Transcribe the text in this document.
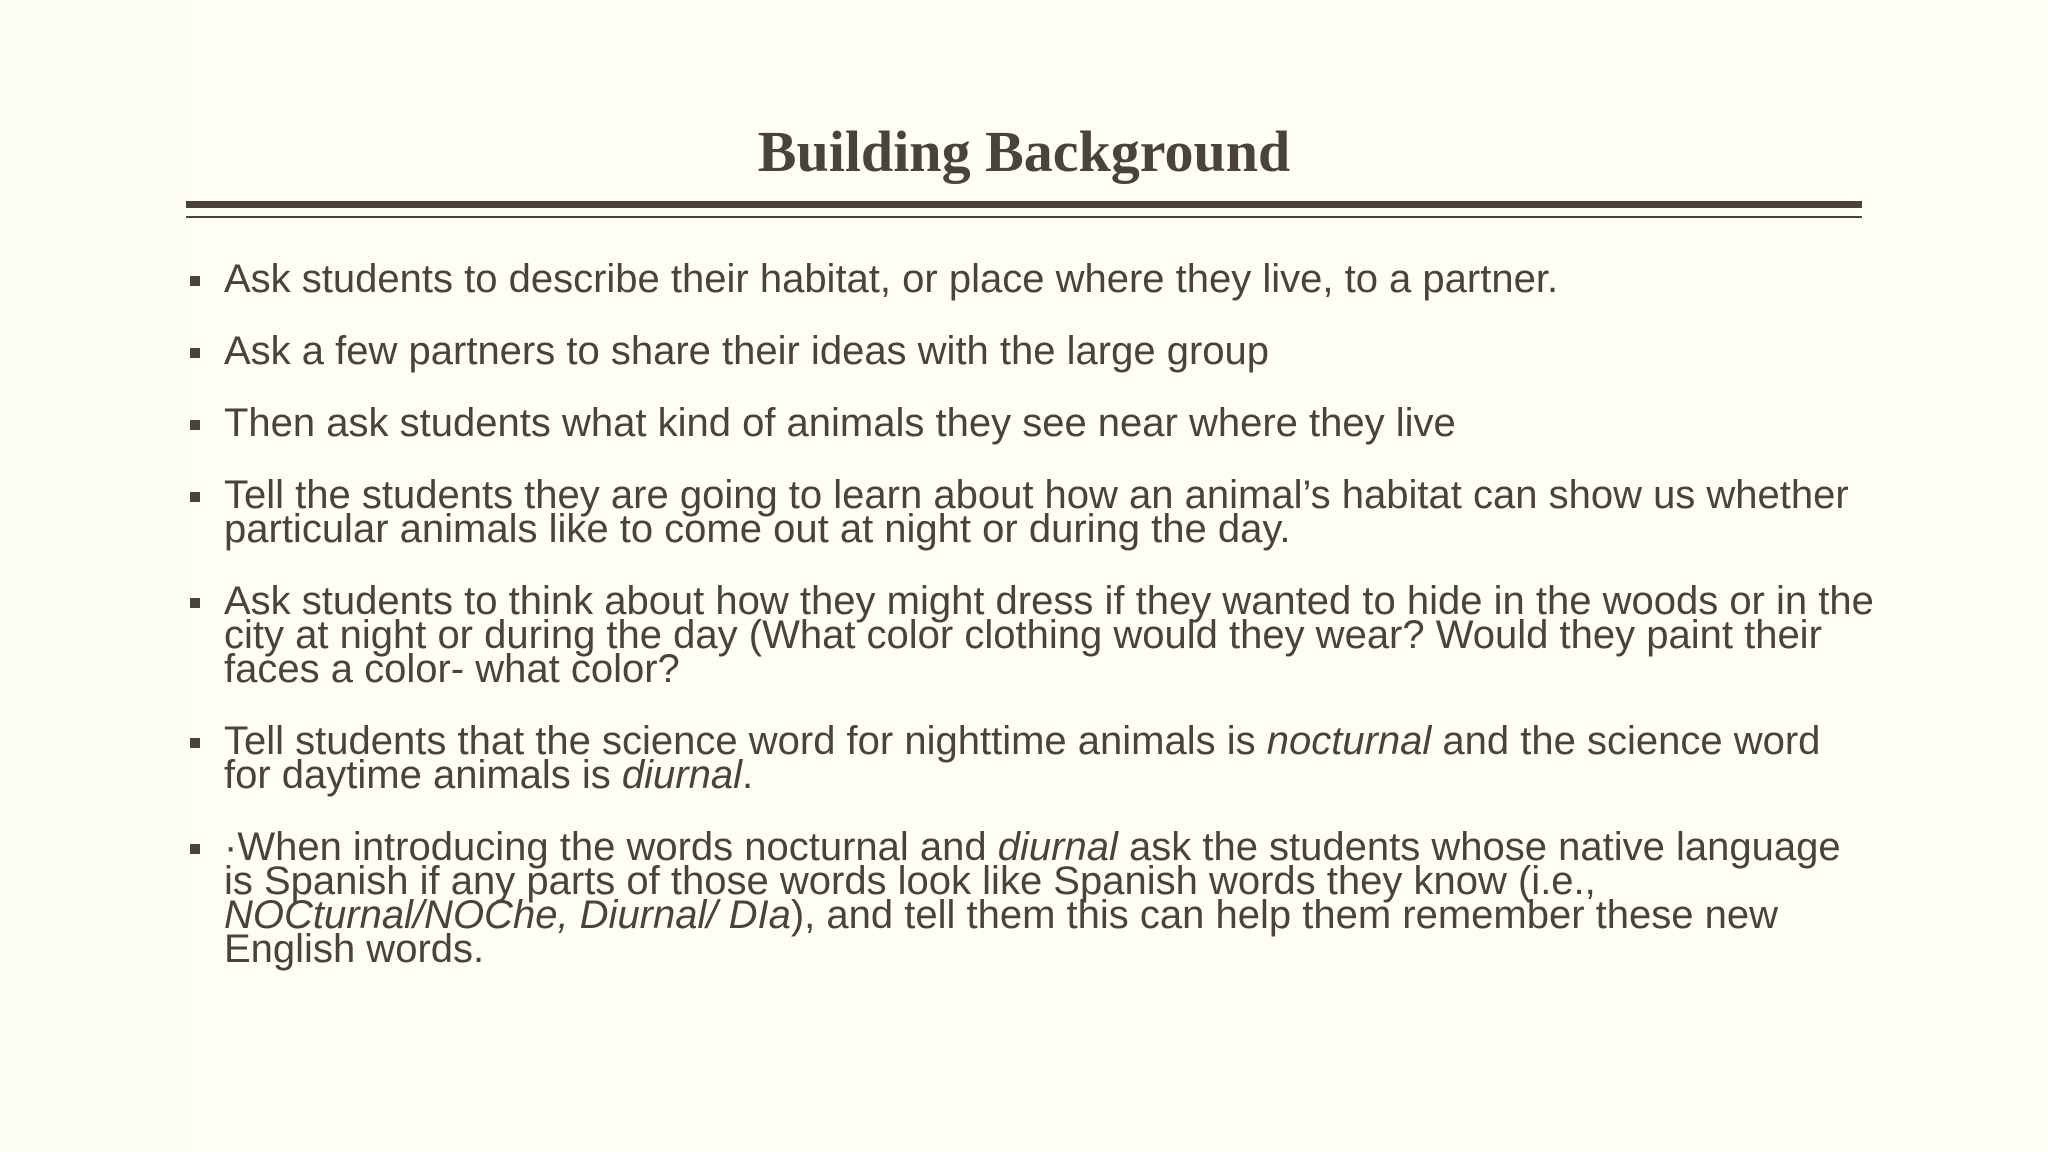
Building Background
Ask students to describe their habitat, or place where they live, to a partner.
Ask a few partners to share their ideas with the large group
Then ask students what kind of animals they see near where they live
Tell the students they are going to learn about how an animal’s habitat can show us whether particular animals like to come out at night or during the day.
Ask students to think about how they might dress if they wanted to hide in the woods or in the city at night or during the day (What color clothing would they wear? Would they paint their faces a color- what color?
Tell students that the science word for nighttime animals is nocturnal and the science word for daytime animals is diurnal.
·When introducing the words nocturnal and diurnal ask the students whose native language is Spanish if any parts of those words look like Spanish words they know (i.e., NOCturnal/NOChe, Diurnal/ DIa), and tell them this can help them remember these new English words.
